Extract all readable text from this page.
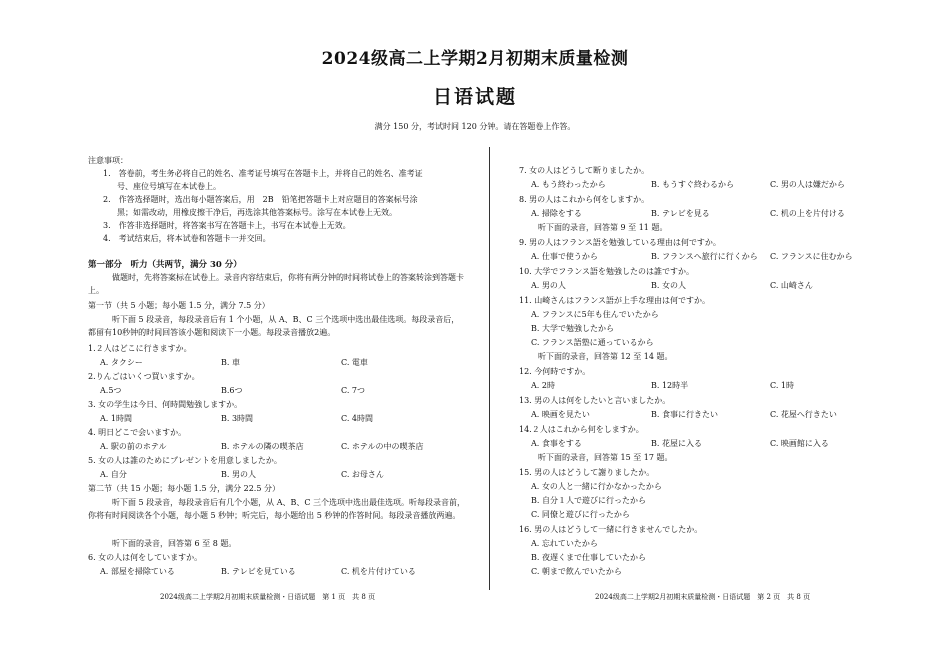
2024级高二上学期2月初期末质量检测
日语试题
满分 150 分，考试时间 120 分钟。请在答题卷上作答。
注意事项：
1.　答卷前，考生务必将自己的姓名、准考证号填写在答题卡上，并将自己的姓名、准考证
号、座位号填写在本试卷上。
2.　作答选择题时，选出每小题答案后，用　2B　铅笔把答题卡上对应题目的答案标号涂
黑；如需改动，用橡皮擦干净后，再选涂其他答案标号。涂写在本试卷上无效。
3.　作答非选择题时，将答案书写在答题卡上，书写在本试卷上无效。
4.　考试结束后，将本试卷和答题卡一并交回。
第一部分　听力（共两节，满分 30 分）
做题时，先将答案标在试卷上。录音内容结束后，你将有两分钟的时间将试卷上的答案转涂到答题卡上。
第一节（共 5 小题；每小题 1.5 分，满分 7.5 分）
听下面 5 段录音，每段录音后有 1 个小题，从 A、B、C 三个选项中选出最佳选项。每段录音后，都留有10秒钟的时间回答该小题和阅读下一小题。每段录音播放2遍。
1.２人はどこに行きますか。
A. タクシー	B. 車	C. 電車
2.りんごはいくつ買いますか。
A.5つ	B.6つ	C. 7つ
3. 女の学生は今日、何時間勉強しますか。
A. 1時間	B. 3時間	C. 4時間
4. 明日どこで会いますか。
A. 駅の前のホテル	B. ホテルの隣の喫茶店	C. ホテルの中の喫茶店
5. 女の人は誰のためにプレゼントを用意しましたか。
A. 自分	B. 男の人	C. お母さん
第二节（共 15 小题；每小题 1.5 分，满分 22.5 分）
听下面 5 段录音，每段录音后有几个小题，从 A、B、C 三个选项中选出最佳选项。听每段录音前，你将有时间阅读各个小题，每小题 5 秒钟；听完后，每小题给出 5 秒钟的作答时间。每段录音播放两遍。
听下面的录音，回答第 6 至 8 题。
6. 女の人は何をしていますか。
A. 部屋を掃除ている	B. テレビを見ている	C. 机を片付けている
7. 女の人はどうして断りましたか。
A. もう終わったから	B. もうすぐ終わるから	C. 男の人は嫌だから
8. 男の人はこれから何をしますか。
A. 掃除をする	B. テレビを見る	C. 机の上を片付ける
听下面的录音，回答第 9 至 11 题。
9. 男の人はフランス語を勉強している理由は何ですか。
A. 仕事で使うから	B. フランスへ旅行に行くから C. フランスに住むから
10. 大学でフランス語を勉強したのは誰ですか。
A. 男の人	B. 女の人	C. 山崎さん
11. 山崎さんはフランス語が上手な理由は何ですか。
A. フランスに5年も住んでいたから
B. 大学で勉強したから
C. フランス語塾に通っているから
听下面的录音，回答第 12 至 14 题。
12. 今何時ですか。
A. 2時	B. 12時半	C. 1時
13. 男の人は何をしたいと言いましたか。
A. 映画を見たい	B. 食事に行きたい	C. 花屋へ行きたい
14.２人はこれから何をしますか。
A. 食事をする	B. 花屋に入る	C. 映画館に入る
听下面的录音，回答第 15 至 17 题。
15. 男の人はどうして謝りましたか。
A. 女の人と一緒に行かなかったから
B. 自分１人で遊びに行ったから
C. 同僚と遊びに行ったから
16. 男の人はどうして一緒に行きませんでしたか。
A. 忘れていたから
B. 夜遅くまで仕事していたから
C. 朝まで飲んでいたから
2024级高二上学期2月初期末质量检测・日语试题　第 1 页　共 8 页	2024级高二上学期2月初期末质量检测・日语试题　第 2 页　共 8 页
